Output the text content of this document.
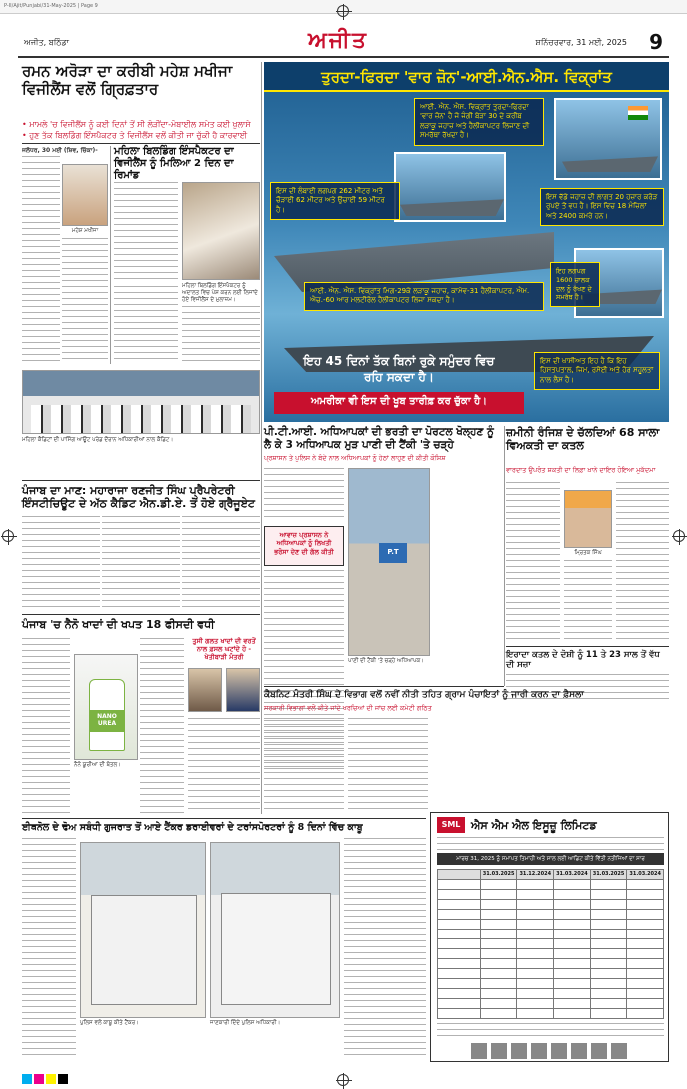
P-II/Ajit/Punjabi/31-May-2025 | Page 9
ਅਜੀਤ, ਬਠਿੰਡਾ	ਅਜੀਤ	ਸ਼ਨਿੱਚਰਵਾਰ, 31 ਮਈ, 2025 9
ਰਮਨ ਅਰੋੜਾ ਦਾ ਕਰੀਬੀ ਮਹੇਸ਼ ਮਖੀਜਾ ਵਿਜੀਲੈਂਸ ਵਲੋਂ ਗ੍ਰਿਫ਼ਤਾਰ
• ਮਾਮਲੇ 'ਚ ਵਿਜੀਲੈਂਸ ਨੂੰ ਕਈ ਦਿਨਾਂ ਤੋਂ ਸੀ ਲੋੜੀਂਦਾ-ਮੋਬਾਈਲ ਸਮੇਤ ਕਈ ਖੁਲਾਸੇ
• ਹੁਣ ਤੱਕ ਬਿਲਡਿੰਗ ਇੰਸਪੈਕਟਰ ਤੇ ਵਿਜੀਲੈਂਸ ਵਲੋਂ ਕੀਤੀ ਜਾ ਚੁੱਕੀ ਹੈ ਕਾਰਵਾਈ
ਜਲੰਧਰ, 30 ਮਈ (ਸ਼ਿਵ, ਚਿੱਕਾ)-
ਮਹੇਸ਼ ਮਖੀਜਾ
ਮਹਿਲਾ ਬਿਲਡਿੰਗ ਇੰਸਪੈਕਟਰ ਦਾ ਵਿਜੀਲੈਂਸ ਨੂੰ ਮਿਲਿਆ 2 ਦਿਨ ਦਾ ਰਿਮਾਂਡ
ਮਹਿਲਾ ਬਿਲਡਿੰਗ ਇੰਸਪੈਕਟਰ ਨੂੰ ਅਦਾਲਤ ਵਿਚ ਪੇਸ਼ ਕਰਨ ਲਈ ਲਿਜਾਂਦੇ ਹੋਏ ਵਿਜੀਲੈਂਸ ਦੇ ਮੁਲਾਜ਼ਮ।
ਤੁਰਦਾ-ਫਿਰਦਾ 'ਵਾਰ ਜ਼ੋਨ'-ਆਈ.ਐਨ.ਐਸ. ਵਿਕ੍ਰਾਂਤ
ਆਈ. ਐਨ. ਐਸ. ਵਿਕ੍ਰਾਂਤ ਤੁਰਦਾ-ਫਿਰਦਾ 'ਵਾਰ ਜ਼ੋਨ' ਹੈ ਜੋ ਜੰਗੀ ਬੇੜਾ 30 ਦੇ ਕਰੀਬ ਲੜਾਕੂ ਜਹਾਜ਼ ਅਤੇ ਹੈਲੀਕਾਪਟਰ ਲਿਜਾਣ ਦੀ ਸਮਰੱਥਾ ਰੱਖਦਾ ਹੈ।
ਇਸ ਦੀ ਲੰਬਾਈ ਲਗਪਗ 262 ਮੀਟਰ ਅਤੇ ਚੌੜਾਈ 62 ਮੀਟਰ ਅਤੇ ਉਚਾਈ 59 ਮੀਟਰ ਹੈ।
ਇਸ ਵੱਡੇ ਜਹਾਜ਼ ਦੀ ਲਾਗਤ 20 ਹਜ਼ਾਰ ਕਰੋੜ ਰੁਪਏ ਤੋਂ ਵਧ ਹੈ। ਇਸ ਵਿਚ 18 ਮੰਜ਼ਿਲਾਂ ਅਤੇ 2400 ਕਮਰੇ ਹਨ।
ਇਹ ਲਗਪਗ 1600 ਚਾਲਕ ਦਲ ਨੂੰ ਰੱਖਣ ਦੇ ਸਮਰੱਥ ਹੈ।
ਆਈ. ਐਨ. ਐਸ. ਵਿਕ੍ਰਾਂਤ ਮਿਗ-29ਕੇ ਲੜਾਕੂ ਜਹਾਜ਼, ਕਾਮੋਵ-31 ਹੈਲੀਕਾਪਟਰ, ਐਮ. ਐਚ.-60 ਆਰ ਮਲਟੀਰੋਲ ਹੈਲੀਕਾਪਟਰ ਲਿਜਾ ਸਕਦਾ ਹੈ।
ਇਹ 45 ਦਿਨਾਂ ਤੱਕ ਬਿਨਾਂ ਰੁਕੇ ਸਮੁੰਦਰ ਵਿਚ ਰਹਿ ਸਕਦਾ ਹੈ।
ਇਸ ਦੀ ਖਾਸੀਅਤ ਇਹ ਹੈ ਕਿ ਇਹ ਹਿਸਤਪਤਾਲ, ਜਿਮ, ਰਸੋਈ ਅਤੇ ਹੋਰ ਸਹੂਲਤਾਂ ਨਾਲ ਲੈਸ ਹੈ।
ਅਮਰੀਕਾ ਵੀ ਇਸ ਦੀ ਖੂਬ ਤਾਰੀਫ਼ ਕਰ ਚੁੱਕਾ ਹੈ।
ਮਹਿਲਾ ਕੈਡਿਟਾਂ ਦੀ ਪਾਸਿੰਗ ਆਊਟ ਪਰੇਡ ਦੌਰਾਨ ਅਧਿਕਾਰੀਆਂ ਨਾਲ ਕੈਡਿਟ।
ਪੰਜਾਬ ਦਾ ਮਾਣ: ਮਹਾਰਾਜਾ ਰਣਜੀਤ ਸਿੰਘ ਪ੍ਰੈਪਰੇਟਰੀ ਇੰਸਟੀਚਿਊਟ ਦੇ ਅੱਠ ਕੈਡਿਟ ਐਨ.ਡੀ.ਏ. ਤੋਂ ਹੋਏ ਗ੍ਰੈਜੂਏਟ
ਪੰਜਾਬ 'ਚ ਨੈਨੋ ਖਾਦਾਂ ਦੀ ਖਪਤ 18 ਫੀਸਦੀ ਵਧੀ
NANO UREA
ਨੈਨੋ ਯੂਰੀਆ ਦੀ ਬੋਤਲ।
ਤੁਸੀ ਗਲਤ ਖਾਦਾਂ ਦੀ ਵਰਤੋਂ ਨਾਲ ਫ਼ਸਲ ਘਟਾਂਦੇ ਹੋ - ਖੇਤੀਬਾੜੀ ਮੰਤਰੀ
ਪੀ.ਟੀ.ਆਈ. ਅਧਿਆਪਕਾਂ ਦੀ ਭਰਤੀ ਦਾ ਪੋਰਟਲ ਖੋਲ੍ਹਣ ਨੂੰ ਲੈ ਕੇ 3 ਅਧਿਆਪਕ ਮੁੜ ਪਾਣੀ ਦੀ ਟੈਂਕੀ 'ਤੇ ਚੜ੍ਹੇ
ਪ੍ਰਸ਼ਾਸਨ ਤੇ ਪੁਲਿਸ ਨੇ ਬੰਦੇ ਨਾਲ ਅਧਿਆਪਕਾਂ ਨੂੰ ਹੇਠਾਂ ਲਾਹੁਣ ਦੀ ਕੀਤੀ ਕੋਸ਼ਿਸ਼
ਆਵਾਜ਼ ਪ੍ਰਸ਼ਾਸਨ ਨੇ ਅਧਿਆਪਕਾਂ ਨੂੰ ਲਿਖਤੀ ਭਰੋਸਾ ਦੇਣ ਦੀ ਗੱਲ ਕੀਤੀ	P.T
ਪਾਣੀ ਦੀ ਟੈਂਕੀ 'ਤੇ ਚੜ੍ਹੇ ਅਧਿਆਪਕ।
ਜ਼ਮੀਨੀ ਰੰਜਿਸ਼ ਦੇ ਚੱਲਦਿਆਂ 68 ਸਾਲਾ ਵਿਅਕਤੀ ਦਾ ਕਤਲ
ਵਾਰਦਾਤ ਉਪਰੰਤ ਸ਼ਕਤੀ ਦਾ ਲਿਫ਼ਾ ਖ਼ਾਨੇ ਦਾਇਰ ਹੋਇਆ ਮੁਕੱਦਮਾ
ਮ੍ਰਿਤਕ ਸਿੰਘ
ਇਰਾਦਾ ਕਤਲ ਦੇ ਦੋਸ਼ੀ ਨੂੰ 11 ਤੇ 23 ਸਾਲ ਤੋਂ ਵੱਧ ਦੀ ਸਜ਼ਾ
ਕੈਬਨਿਟ ਮੰਤਰੀ ਸਿੰਘ ਦੇ ਵਿਭਾਗ ਵਲੋਂ ਨਵੀਂ ਨੀਤੀ ਤਹਿਤ ਗ੍ਰਾਮ ਪੰਚਾਇਤਾਂ ਨੂੰ ਜਾਰੀ ਕਰਨ ਦਾ ਫ਼ੈਸਲਾ
ਸਰਕਾਰੀ ਵਿਭਾਗਾਂ ਵਲੋਂ ਕੀਤੇ ਜਾਂਦੇ ਖਰਚਿਆਂ ਦੀ ਜਾਂਚ ਲਈ ਕਮੇਟੀ ਗਠਿਤ
SML ਐਸ ਐਮ ਐਲ ਇਸੂਜ਼ੂ ਲਿਮਿਟਡ
ਮਾਰਚ 31, 2025 ਨੂੰ ਸਮਾਪਤ ਤਿਮਾਹੀ ਅਤੇ ਸਾਲ ਲਈ ਆਡਿਟ ਕੀਤੇ ਵਿੱਤੀ ਨਤੀਜਿਆਂ ਦਾ ਸਾਰ
	31.03.2025	31.12.2024	31.03.2024	31.03.2025	31.03.2024

ਈਥਨੋਲ ਦੇ ਢੋਅ ਸਬੰਧੀ ਗੁਜਰਾਤ ਤੋਂ ਆਏ ਟੈਂਕਰ ਡਰਾਈਵਰਾਂ ਦੇ ਟਰਾਂਸਪੋਰਟਰਾਂ ਨੂੰ 8 ਦਿਨਾਂ ਵਿੱਚ ਕਾਬੂ
ਪੁਲਿਸ ਵਲੋਂ ਕਾਬੂ ਕੀਤੇ ਟੈਂਕਰ।	ਜਾਣਕਾਰੀ ਦਿੰਦੇ ਪੁਲਿਸ ਅਧਿਕਾਰੀ।
